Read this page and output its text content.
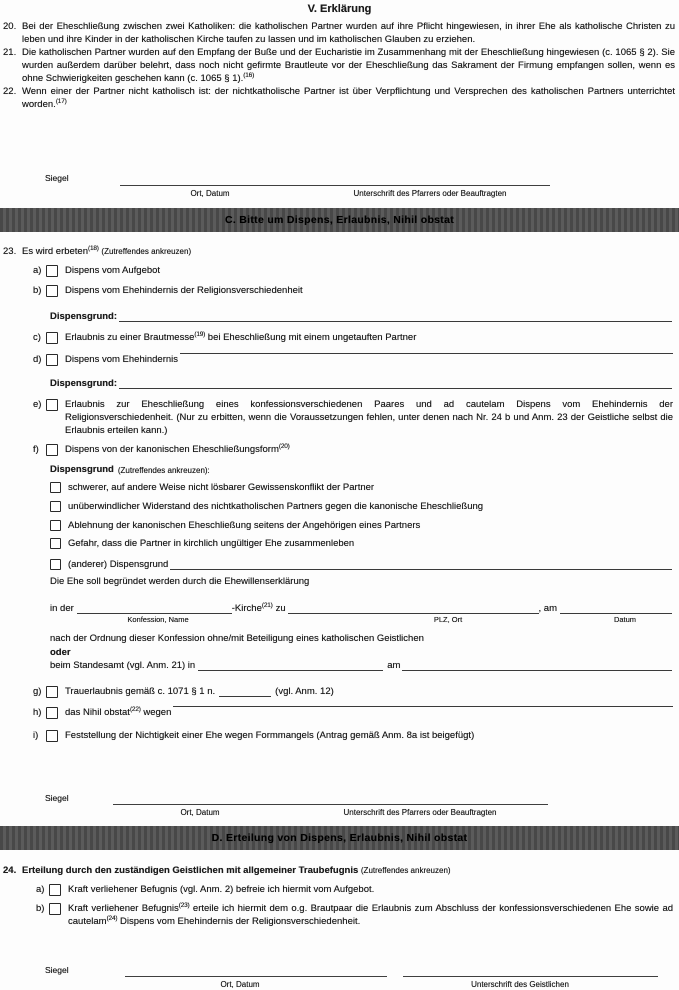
V. Erklärung
20. Bei der Eheschließung zwischen zwei Katholiken: die katholischen Partner wurden auf ihre Pflicht hingewiesen, in ihrer Ehe als katholische Christen zu leben und ihre Kinder in der katholischen Kirche taufen zu lassen und im katholischen Glauben zu erziehen.
21. Die katholischen Partner wurden auf den Empfang der Buße und der Eucharistie im Zusammenhang mit der Eheschließung hingewiesen (c. 1065 § 2). Sie wurden außerdem darüber belehrt, dass noch nicht gefirmte Brautleute vor der Eheschließung das Sakrament der Firmung empfangen sollen, wenn es ohne Schwierigkeiten geschehen kann (c. 1065 § 1).$^{(16)}$
22. Wenn einer der Partner nicht katholisch ist: der nichtkatholische Partner ist über Verpflichtung und Versprechen des katholischen Partners unterrichtet worden.$^{(17)}$
Siegel
Ort, Datum	Unterschrift des Pfarrers oder Beauftragten
C. Bitte um Dispens, Erlaubnis, Nihil obstat
23. Es wird erbeten$^{(18)}$ (Zutreffendes ankreuzen)
a)	Dispens vom Aufgebot
b)	Dispens vom Ehehindernis der Religionsverschiedenheit
Dispensgrund:
c)	Erlaubnis zu einer Brautmesse$^{(19)}$ bei Eheschließung mit einem ungetauften Partner
d)	Dispens vom Ehehindernis
Dispensgrund:
e)	Erlaubnis zur Eheschließung eines konfessionsverschiedenen Paares und ad cautelam Dispens vom Ehehindernis der Religionsverschiedenheit. (Nur zu erbitten, wenn die Voraussetzungen fehlen, unter denen nach Nr. 24 b und Anm. 23 der Geistliche selbst die Erlaubnis erteilen kann.)
f)	Dispens von der kanonischen Eheschließungsform$^{(20)}$
Dispensgrund (Zutreffendes ankreuzen):
schwerer, auf andere Weise nicht lösbarer Gewissenskonflikt der Partner
unüberwindlicher Widerstand des nichtkatholischen Partners gegen die kanonische Eheschließung
Ablehnung der kanonischen Eheschließung seitens der Angehörigen eines Partners
Gefahr, dass die Partner in kirchlich ungültiger Ehe zusammenleben
(anderer) Dispensgrund
Die Ehe soll begründet werden durch die Ehewillenserklärung
in der	-Kirche$^{(21)}$ zu	, am
Konfession, Name	PLZ, Ort	Datum
nach der Ordnung dieser Konfession ohne/mit Beteiligung eines katholischen Geistlichen
oder
beim Standesamt (vgl. Anm. 21) in	am
g)	Trauerlaubnis gemäß c. 1071 § 1 n.	(vgl. Anm. 12)
h)	das Nihil obstat$^{(22)}$ wegen
i)	Feststellung der Nichtigkeit einer Ehe wegen Formmangels (Antrag gemäß Anm. 8a ist beigefügt)
Siegel
Ort, Datum	Unterschrift des Pfarrers oder Beauftragten
D. Erteilung von Dispens, Erlaubnis, Nihil obstat
24. Erteilung durch den zuständigen Geistlichen mit allgemeiner Traubefugnis (Zutreffendes ankreuzen)
a)	Kraft verliehener Befugnis (vgl. Anm. 2) befreie ich hiermit vom Aufgebot.
b)	Kraft verliehener Befugnis$^{(23)}$ erteile ich hiermit dem o.g. Brautpaar die Erlaubnis zum Abschluss der konfessionsverschiedenen Ehe sowie ad cautelam$^{(24)}$ Dispens vom Ehehindernis der Religionsverschiedenheit.
Siegel
Ort, Datum	Unterschrift des Geistlichen
